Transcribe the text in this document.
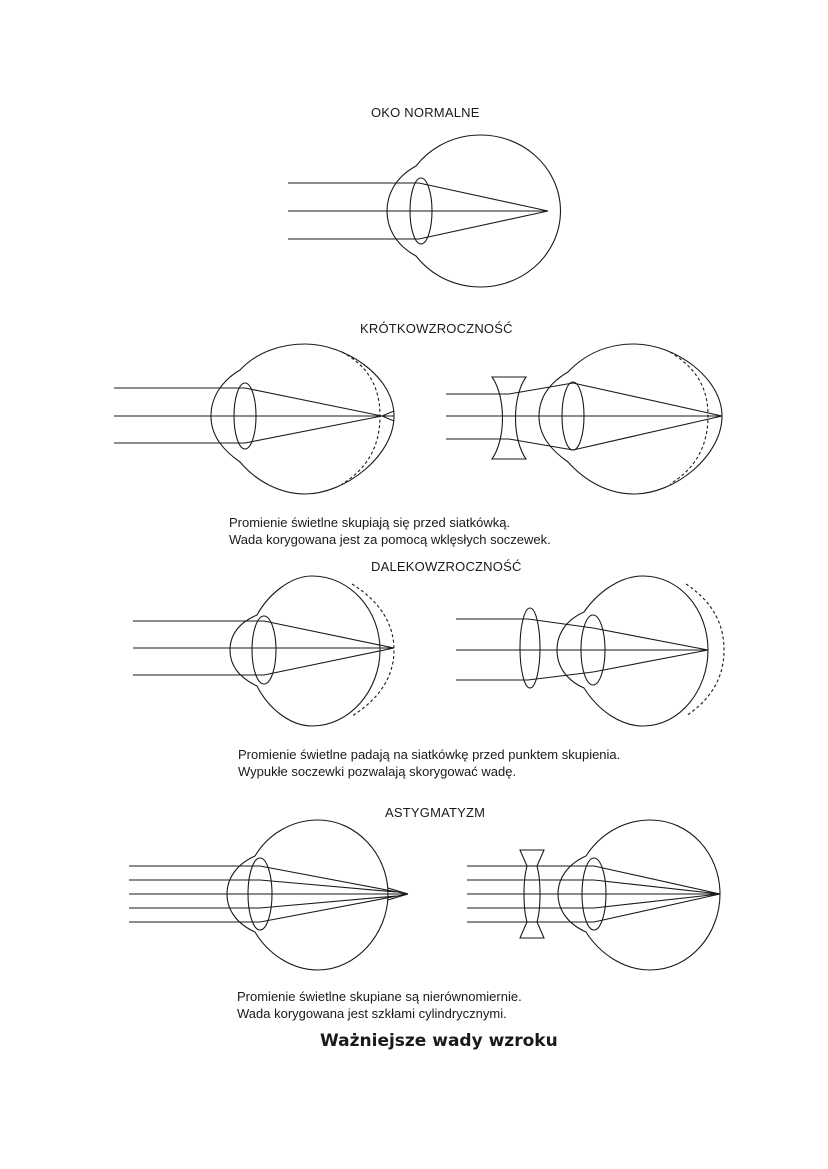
OKO NORMALNE
KRÓTKOWZROCZNOŚĆ
DALEKOWZROCZNOŚĆ
ASTYGMATYZM
Promienie świetlne skupiają się przed siatkówką.
Wada korygowana jest za pomocą wklęsłych soczewek.
Promienie świetlne padają na siatkówkę przed punktem skupienia.
Wypukłe soczewki pozwalają skorygować wadę.
Promienie świetlne skupiane są nierównomiernie.
Wada korygowana jest szkłami cylindrycznymi.
Ważniejsze wady wzroku
